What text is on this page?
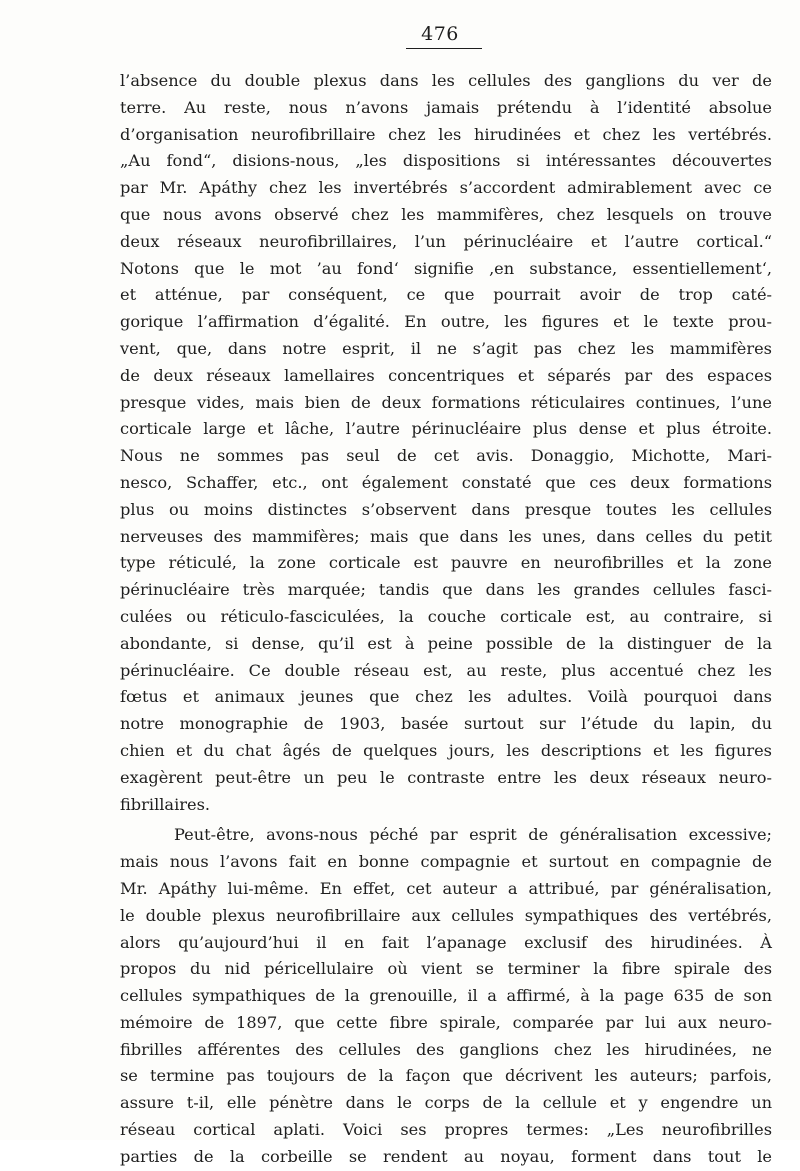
476
l’absence du double plexus dans les cellules des ganglions du ver de
terre. Au reste, nous n’avons jamais prétendu à l’identité absolue
d’organisation neurofibrillaire chez les hirudinées et chez les vertébrés.
„Au fond“, disions-nous, „les dispositions si intéressantes découvertes
par Mr. Apáthy chez les invertébrés s’accordent admirablement avec ce
que nous avons observé chez les mammifères, chez lesquels on trouve
deux réseaux neurofibrillaires, l’un périnucléaire et l’autre cortical.“
Notons que le mot ’au fond‘ signifie ‚en substance, essentiellement‘,
et atténue, par conséquent, ce que pourrait avoir de trop caté-
gorique l’affirmation d’égalité. En outre, les figures et le texte prou-
vent, que, dans notre esprit, il ne s’agit pas chez les mammifères
de deux réseaux lamellaires concentriques et séparés par des espaces
presque vides, mais bien de deux formations réticulaires continues, l’une
corticale large et lâche, l’autre périnucléaire plus dense et plus étroite.
Nous ne sommes pas seul de cet avis. Donaggio, Michotte, Mari-
nesco, Schaffer, etc., ont également constaté que ces deux formations
plus ou moins distinctes s’observent dans presque toutes les cellules
nerveuses des mammifères; mais que dans les unes, dans celles du petit
type réticulé, la zone corticale est pauvre en neurofibrilles et la zone
périnucléaire très marquée; tandis que dans les grandes cellules fasci-
culées ou réticulo-fasciculées, la couche corticale est, au contraire, si
abondante, si dense, qu’il est à peine possible de la distinguer de la
périnucléaire. Ce double réseau est, au reste, plus accentué chez les
fœtus et animaux jeunes que chez les adultes. Voilà pourquoi dans
notre monographie de 1903, basée surtout sur l’étude du lapin, du
chien et du chat âgés de quelques jours, les descriptions et les figures
exagèrent peut-être un peu le contraste entre les deux réseaux neuro-
fibrillaires.
Peut-être, avons-nous péché par esprit de généralisation excessive;
mais nous l’avons fait en bonne compagnie et surtout en compagnie de
Mr. Apáthy lui-même. En effet, cet auteur a attribué, par généralisation,
le double plexus neurofibrillaire aux cellules sympathiques des vertébrés,
alors qu’aujourd’hui il en fait l’apanage exclusif des hirudinées. À
propos du nid péricellulaire où vient se terminer la fibre spirale des
cellules sympathiques de la grenouille, il a affirmé, à la page 635 de son
mémoire de 1897, que cette fibre spirale, comparée par lui aux neuro-
fibrilles afférentes des cellules des ganglions chez les hirudinées, ne
se termine pas toujours de la façon que décrivent les auteurs; parfois,
assure t-il, elle pénètre dans le corps de la cellule et y engendre un
réseau cortical aplati. Voici ses propres termes: „Les neurofibrilles
parties de la corbeille se rendent au noyau, forment dans tout le
